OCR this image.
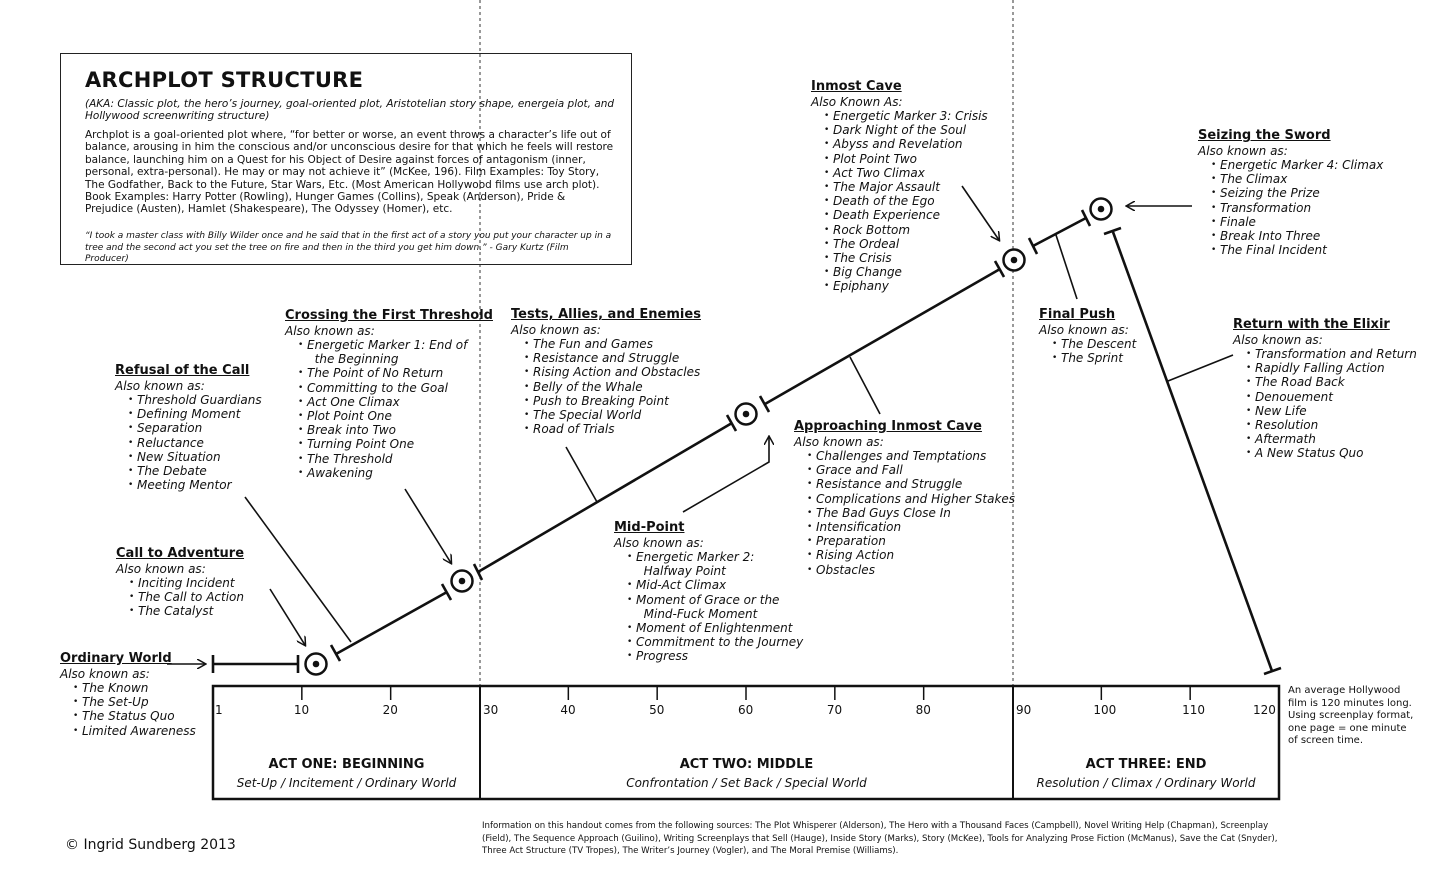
ARCHPLOT STRUCTURE
(AKA: Classic plot, the hero’s journey, goal-oriented plot, Aristotelian story shape, energeia plot, and Hollywood screenwriting structure)
Archplot is a goal-oriented plot where, “for better or worse, an event throws a character’s life out of balance, arousing in him the conscious and/or unconscious desire for that which he feels will restore balance, launching him on a Quest for his Object of Desire against forces of antagonism (inner, personal, extra-personal). He may or may not achieve it” (McKee, 196). Film Examples: Toy Story, The Godfather, Back to the Future, Star Wars, Etc. (Most American Hollywood films use arch plot). Book Examples: Harry Potter (Rowling), Hunger Games (Collins), Speak (Anderson), Pride & Prejudice (Austen), Hamlet (Shakespeare), The Odyssey (Homer), etc.
“I took a master class with Billy Wilder once and he said that in the first act of a story you put your character up in a tree and the second act you set the tree on fire and then in the third you get him down.” - Gary Kurtz (Film Producer)
Ordinary World
Also known as:
• The Known
• The Set-Up
• The Status Quo
• Limited Awareness
Call to Adventure
Also known as:
• Inciting Incident
• The Call to Action
• The Catalyst
Refusal of the Call
Also known as:
• Threshold Guardians
• Defining Moment
• Separation
• Reluctance
• New Situation
• The Debate
• Meeting Mentor
Crossing the First Threshold
Also known as:
• Energetic Marker 1: End of
the Beginning
• The Point of No Return
• Committing to the Goal
• Act One Climax
• Plot Point One
• Break into Two
• Turning Point One
• The Threshold
• Awakening
Tests, Allies, and Enemies
Also known as:
• The Fun and Games
• Resistance and Struggle
• Rising Action and Obstacles
• Belly of the Whale
• Push to Breaking Point
• The Special World
• Road of Trials
Mid-Point
Also known as:
• Energetic Marker 2:
Halfway Point
• Mid-Act Climax
• Moment of Grace or the
Mind-Fuck Moment
• Moment of Enlightenment
• Commitment to the Journey
• Progress
Approaching Inmost Cave
Also known as:
• Challenges and Temptations
• Grace and Fall
• Resistance and Struggle
• Complications and Higher Stakes
• The Bad Guys Close In
• Intensification
• Preparation
• Rising Action
• Obstacles
Inmost Cave
Also Known As:
• Energetic Marker 3: Crisis
• Dark Night of the Soul
• Abyss and Revelation
• Plot Point Two
• Act Two Climax
• The Major Assault
• Death of the Ego
• Death Experience
• Rock Bottom
• The Ordeal
• The Crisis
• Big Change
• Epiphany
Final Push
Also known as:
• The Descent
• The Sprint
Seizing the Sword
Also known as:
• Energetic Marker 4: Climax
• The Climax
• Seizing the Prize
• Transformation
• Finale
• Break Into Three
• The Final Incident
Return with the Elixir
Also known as:
• Transformation and Return
• Rapidly Falling Action
• The Road Back
• Denouement
• New Life
• Resolution
• Aftermath
• A New Status Quo
1	10	20	30	40	50	60	70	80	90	100	110	120
ACT ONE: BEGINNING
Set-Up / Incitement / Ordinary World
ACT TWO: MIDDLE
Confrontation / Set Back / Special World
ACT THREE: END
Resolution / Climax / Ordinary World
An average Hollywood film is 120 minutes long. Using screenplay format, one page = one minute of screen time.
Information on this handout comes from the following sources: The Plot Whisperer (Alderson), The Hero with a Thousand Faces (Campbell), Novel Writing Help (Chapman), Screenplay (Field), The Sequence Approach (Guilino), Writing Screenplays that Sell (Hauge), Inside Story (Marks), Story (McKee), Tools for Analyzing Prose Fiction (McManus), Save the Cat (Snyder), Three Act Structure (TV Tropes), The Writer’s Journey (Vogler), and The Moral Premise (Williams).
© Ingrid Sundberg 2013
